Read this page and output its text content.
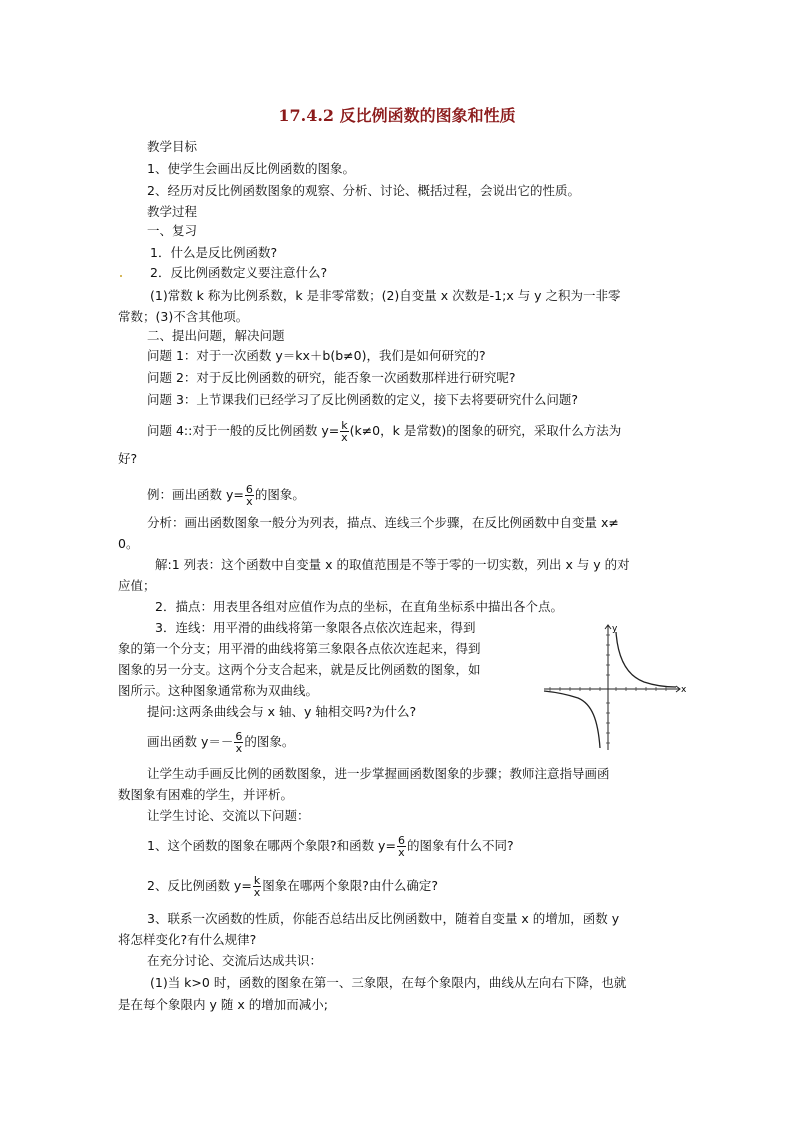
17.4.2 反比例函数的图象和性质
教学目标
1、使学生会画出反比例函数的图象。
2、经历对反比例函数图象的观察、分析、讨论、概括过程，会说出它的性质。
教学过程
一、复习
1．什么是反比例函数?
2．反比例函数定义要注意什么?
(1)常数 k 称为比例系数，k 是非零常数；(2)自变量 x 次数是-1;x 与 y 之积为一非零
常数；(3)不含其他项。
二、提出问题，解决问题
问题 1：对于一次函数 y＝kx＋b(b≠0)，我们是如何研究的?
问题 2：对于反比例函数的研究，能否象一次函数那样进行研究呢?
问题 3：上节课我们已经学习了反比例函数的定义，接下去将要研究什么问题?
问题 4::对于一般的反比例函数 $y= \frac{k}{x} (k\ne 0$，k 是常数)的图象的研究，采取什么方法为
好?
例：画出函数 $y= \frac{6}{x}$ 的图象。
分析：画出函数图象一般分为列表，描点、连线三个步骤，在反比例函数中自变量 x≠
0。
解:1 列表：这个函数中自变量 x 的取值范围是不等于零的一切实数，列出 x 与 y 的对
应值；
2．描点：用表里各组对应值作为点的坐标，在直角坐标系中描出各个点。
3．连线：用平滑的曲线将第一象限各点依次连起来，得到
象的第一个分支；用平滑的曲线将第三象限各点依次连起来，得到
图象的另一分支。这两个分支合起来，就是反比例函数的图象，如
图所示。这种图象通常称为双曲线。
提问:这两条曲线会与 x 轴、y 轴相交吗?为什么?
画出函数 $y=- \frac{6}{x}$ 的图象。
让学生动手画反比例的函数图象，进一步掌握画函数图象的步骤；教师注意指导画函
数图象有困难的学生，并评析。
让学生讨论、交流以下问题：
1、这个函数的图象在哪两个象限?和函数 $y= \frac{6}{x}$ 的图象有什么不同?
2、反比例函数 $y= \frac{k}{x}$ 图象在哪两个象限?由什么确定?
3、联系一次函数的性质，你能否总结出反比例函数中，随着自变量 x 的增加，函数 y
将怎样变化?有什么规律?
在充分讨论、交流后达成共识：
(1)当 k>0 时，函数的图象在第一、三象限，在每个象限内，曲线从左向右下降，也就
是在每个象限内 y 随 x 的增加而减小;
x
y
